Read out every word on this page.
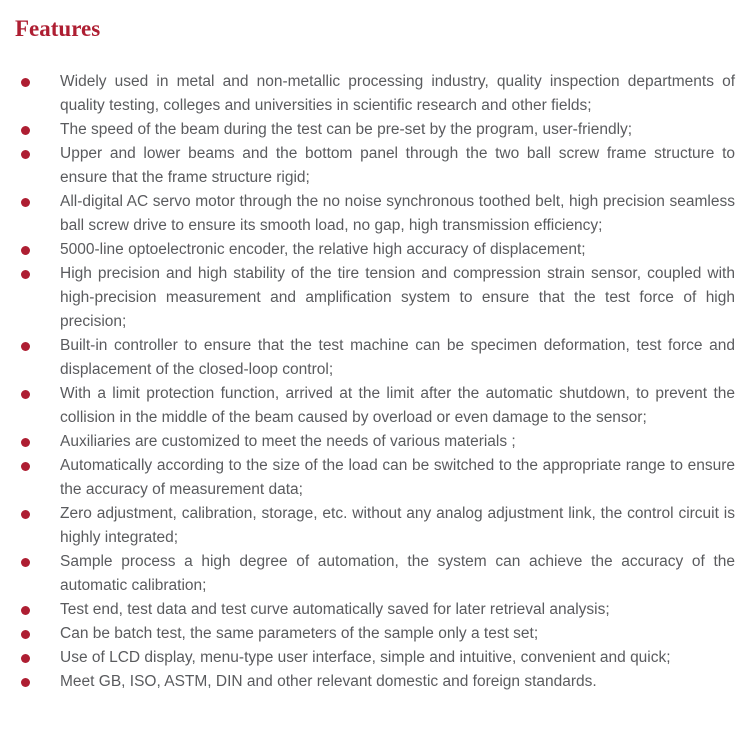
Features
Widely used in metal and non-metallic processing industry, quality inspection departments of quality testing, colleges and universities in scientific research and other fields;
The speed of the beam during the test can be pre-set by the program, user-friendly;
Upper and lower beams and the bottom panel through the two ball screw frame structure to ensure that the frame structure rigid;
All-digital AC servo motor through the no noise synchronous toothed belt, high precision seamless ball screw drive to ensure its smooth load, no gap, high transmission efficiency;
5000-line optoelectronic encoder, the relative high accuracy of displacement;
High precision and high stability of the tire tension and compression strain sensor, coupled with high-precision measurement and amplification system to ensure that the test force of high precision;
Built-in controller to ensure that the test machine can be specimen deformation, test force and displacement of the closed-loop control;
With a limit protection function, arrived at the limit after the automatic shutdown, to prevent the collision in the middle of the beam caused by overload or even damage to the sensor;
Auxiliaries are customized to meet the needs of various materials ;
Automatically according to the size of the load can be switched to the appropriate range to ensure the accuracy of measurement data;
Zero adjustment, calibration, storage, etc. without any analog adjustment link, the control circuit is highly integrated;
Sample process a high degree of automation, the system can achieve the accuracy of the automatic calibration;
Test end, test data and test curve automatically saved for later retrieval analysis;
Can be batch test, the same parameters of the sample only a test set;
Use of LCD display, menu-type user interface, simple and intuitive, convenient and quick;
Meet GB, ISO, ASTM, DIN and other relevant domestic and foreign standards.
